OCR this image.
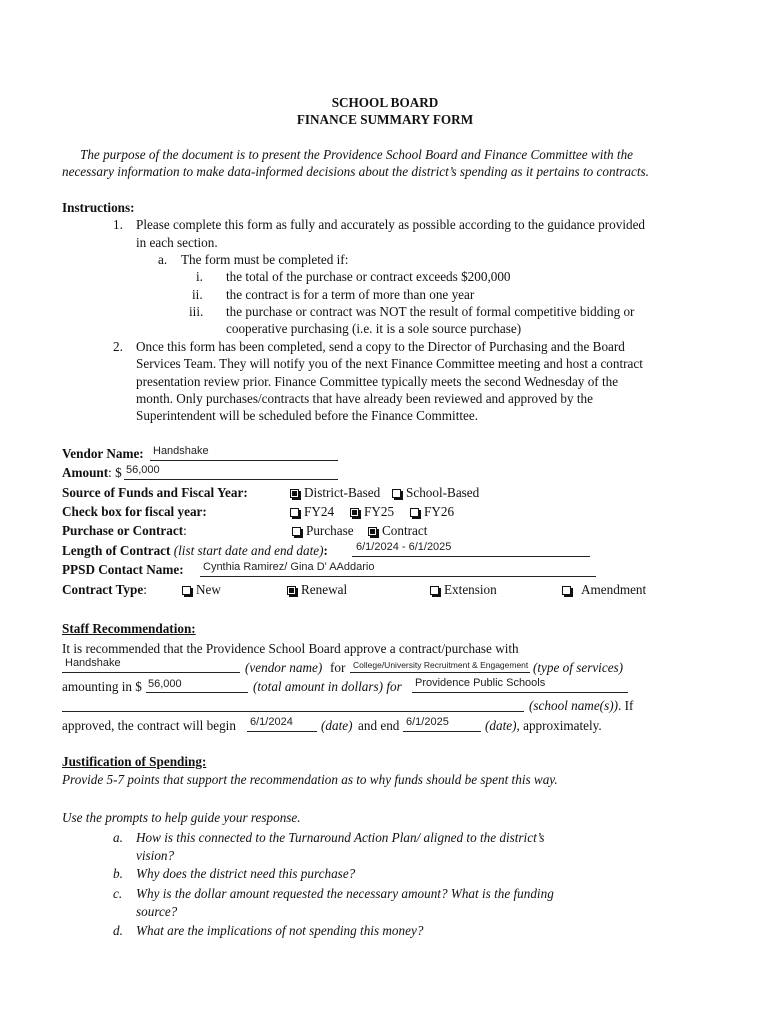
SCHOOL BOARD
FINANCE SUMMARY FORM
The purpose of the document is to present the Providence School Board and Finance Committee with the
necessary information to make data-informed decisions about the district’s spending as it pertains to contracts.
Instructions:
1. Please complete this form as fully and accurately as possible according to the guidance provided
in each section.
a. The form must be completed if:
i. the total of the purchase or contract exceeds $200,000
ii. the contract is for a term of more than one year
iii. the purchase or contract was NOT the result of formal competitive bidding or
cooperative purchasing (i.e. it is a sole source purchase)
2. Once this form has been completed, send a copy to the Director of Purchasing and the Board
Services Team. They will notify you of the next Finance Committee meeting and host a contract
presentation review prior. Finance Committee typically meets the second Wednesday of the
month. Only purchases/contracts that have already been reviewed and approved by the
Superintendent will be scheduled before the Finance Committee.
Vendor Name: Handshake
Amount: $ 56,000
Source of Funds and Fiscal Year:	District-Based	School-Based
Check box for fiscal year:	FY24	FY25	FY26
Purchase or Contract:	Purchase	Contract
Length of Contract (list start date and end date):	6/1/2024 - 6/1/2025
PPSD Contact Name: Cynthia Ramirez/ Gina D' AAddario
Contract Type:	New	Renewal	Extension	Amendment
Staff Recommendation:
It is recommended that the Providence School Board approve a contract/purchase with
Handshake	(vendor name) for College/University Recruitment & Engagement (type of services)
amounting in $ 56,000	(total amount in dollars) for Providence Public Schools
(school name(s)). If
approved, the contract will begin 6/1/2024 (date) and end 6/1/2025	(date), approximately.
Justification of Spending:
Provide 5-7 points that support the recommendation as to why funds should be spent this way.
Use the prompts to help guide your response.
a. How is this connected to the Turnaround Action Plan/ aligned to the district’s
vision?
b. Why does the district need this purchase?
c. Why is the dollar amount requested the necessary amount? What is the funding
source?
d. What are the implications of not spending this money?
